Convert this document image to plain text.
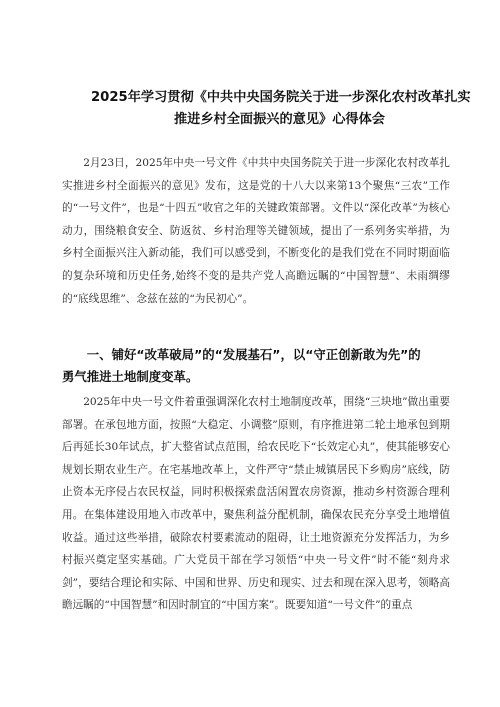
2025年学习贯彻《中共中央国务院关于进一步深化农村改革扎实
推进乡村全面振兴的意见》心得体会

2月23日，2025年中央一号文件《中共中央国务院关于进一步深化农村改革扎实推进乡村全面振兴的意见》发布，这是党的十八大以来第13个聚焦“三农”工作的“一号文件”，也是“十四五”收官之年的关键政策部署。文件以“深化改革”为核心动力，围绕粮食安全、防返贫、乡村治理等关键领域，提出了一系列务实举措，为乡村全面振兴注入新动能，我们可以感受到，不断变化的是我们党在不同时期面临的复杂环境和历史任务,始终不变的是共产党人高瞻远瞩的“中国智慧”、未雨绸缪的“底线思维”、念兹在兹的“为民初心”。

一、铺好“改革破局”的“发展基石”，以“守正创新敢为先”的
勇气推进土地制度变革。

2025年中央一号文件着重强调深化农村土地制度改革，围绕“三块地”做出重要部署。在承包地方面，按照“大稳定、小调整”原则，有序推进第二轮土地承包到期后再延长30年试点，扩大整省试点范围，给农民吃下“长效定心丸”，使其能够安心规划长期农业生产。在宅基地改革上，文件严守“禁止城镇居民下乡购房”底线，防止资本无序侵占农民权益，同时积极探索盘活闲置农房资源，推动乡村资源合理利用。在集体建设用地入市改革中，聚焦利益分配机制，确保农民充分享受土地增值收益。通过这些举措，破除农村要素流动的阻碍，让土地资源充分发挥活力，为乡村振兴奠定坚实基础。广大党员干部在学习领悟“中央一号文件”时不能“刻舟求剑”，要结合理论和实际、中国和世界、历史和现实、过去和现在深入思考，领略高瞻远瞩的“中国智慧”和因时制宜的“中国方案”。既要知道“一号文件”的重点
